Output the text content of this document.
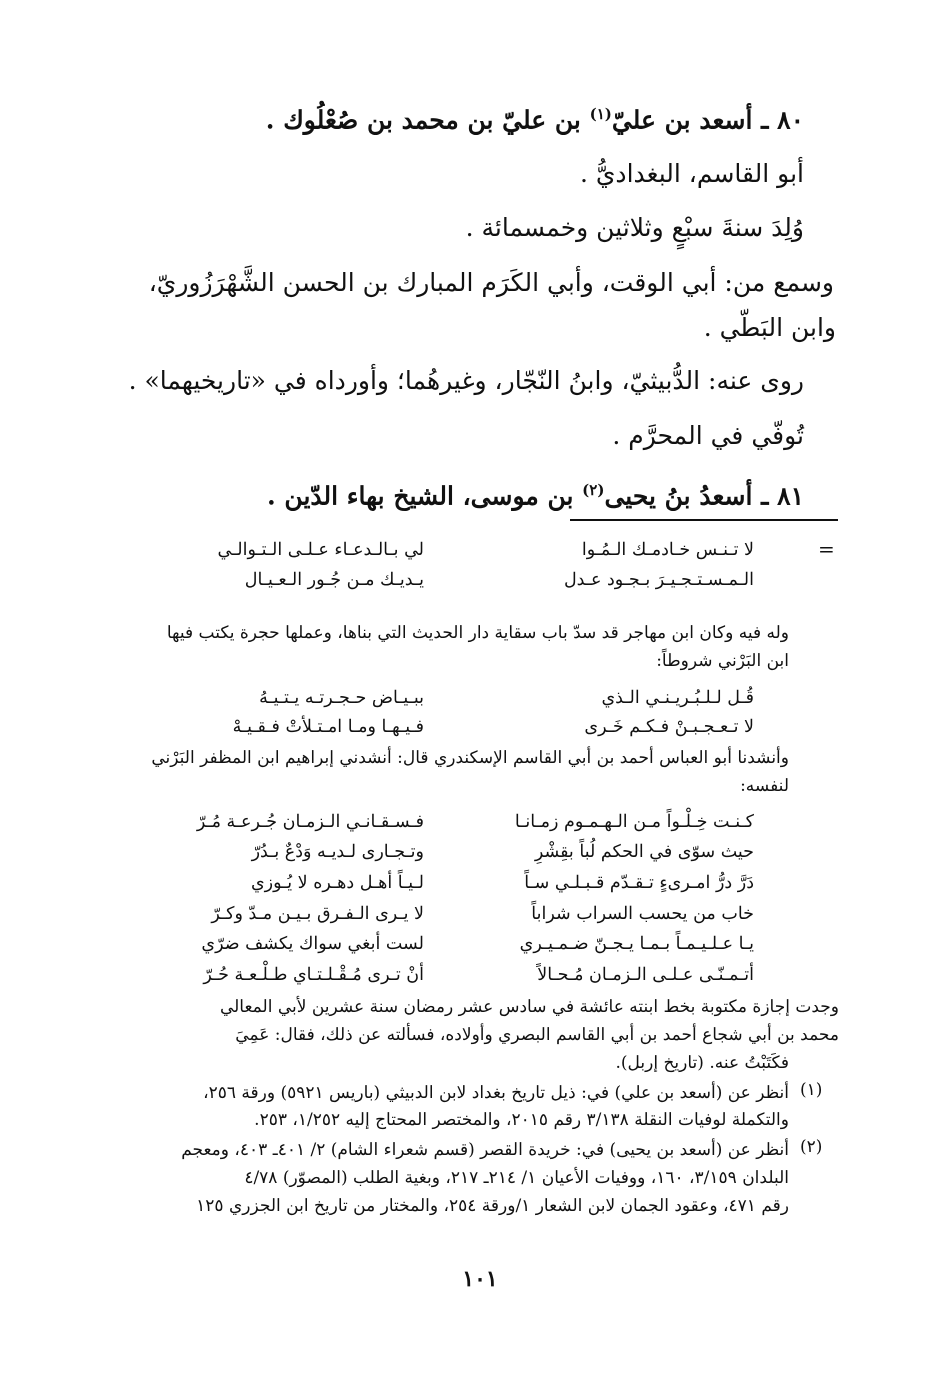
٨٠ ـ أسعد بن عليّ$^{(١)}$ بن عليّ بن محمد بن صُعْلُوك .
أبو القاسم، البغداديُّ .
وُلِدَ سنةَ سبْعٍ وثلاثين وخمسمائة .
وسمع من: أبي الوقت، وأبي الكَرَم المبارك بن الحسن الشَّهْرَزُوريّ،
وابن البَطّي .
روى عنه: الدُّبيثيّ، وابنُ النّجّار، وغيرهُما؛ وأورداه في «تاريخيهما» .
تُوفّي في المحرَّم .
٨١ ـ أسعدُ بنُ يحيى$^{(٢)}$ بن موسى، الشيخ بهاء الدّين .
=
لا تـنـس خـادمـك الـمُـوا
لي بـالـدعـاء عـلـى الـتـوالـي
الـمـسـتـجـيـرَ بـجـود عـدل
يـديـك مـن جُـور الـعـيـال
وله فيه وكان ابن مهاجر قد سدّ باب سقاية دار الحديث التي بناها، وعملها حجرة يكتب فيها
ابن البَرْني شروطاً:
قُـل لـلـبُـريـنـي الـذي
ببـيـاض حـجـرتـه يـتـيـهُ
لا تـعـجـبـنْ فـكـم خَـرى
فـيـهـا ومـا امـتـلأتْ فـقـيـهْ
وأنشدنا أبو العباس أحمد بن أبي القاسم الإسكندري قال: أنشدني إبراهيم ابن المظفر البَرْني
لنفسه:
كـنـت خِـلْـواً مـن الـهـمـوم زمـانـا
فـسـقـانـي الـزمـان جُـرعـة مُـرّ
حيث سوّى في الحكم لُباً بقِشْرِ
وتـجـارى لـديـه وَدْعٌ بـدُرّ
دَرَّ درُّ امـرىءٍ تـقـدّم قـبـلـي سـاً
لـيـاً أهـل دهـره لا يُـوزي
خاب من يحسب السراب شراباً
لا يـرى الـفـرق بـيـن مـدّ وكـرّ
يـا عـلـيـمـاً بـمـا يـجـنّ ضـمـيـري
لست أبغي سواك يكشف ضرّي
أتـمـنّـى عـلـى الـزمـان مُـحـالاً
أنْ تـرى مُـقْـلـتـاي طـلْـعـة حُـرّ
وجدت إجازة مكتوبة بخط ابنته عائشة في سادس عشر رمضان سنة عشرين لأبي المعالي
محمد بن أبي شجاع أحمد بن أبي القاسم البصري وأولاده، فسألته عن ذلك، فقال: عَمِيَ
فكَتَبْتُ عنه. (تاريخ إربل).
(١)
أنظر عن (أسعد بن علي) في: ذيل تاريخ بغداد لابن الدبيثي (باريس ٥٩٢١) ورقة ٢٥٦،
والتكملة لوفيات النقلة ٣/١٣٨ رقم ٢٠١٥، والمختصر المحتاج إليه ١/٢٥٢، ٢٥٣.
(٢)
أنظر عن (أسعد بن يحيى) في: خريدة القصر (قسم شعراء الشام) ٢/ ٤٠١ـ ٤٠٣، ومعجم
البلدان ٣/١٥٩، ١٦٠، ووفيات الأعيان ١/ ٢١٤ـ ٢١٧، وبغية الطلب (المصوّر) ٤/٧٨
رقم ٤٧١، وعقود الجمان لابن الشعار ١/ورقة ٢٥٤، والمختار من تاريخ ابن الجزري ١٢٥
١٠١
